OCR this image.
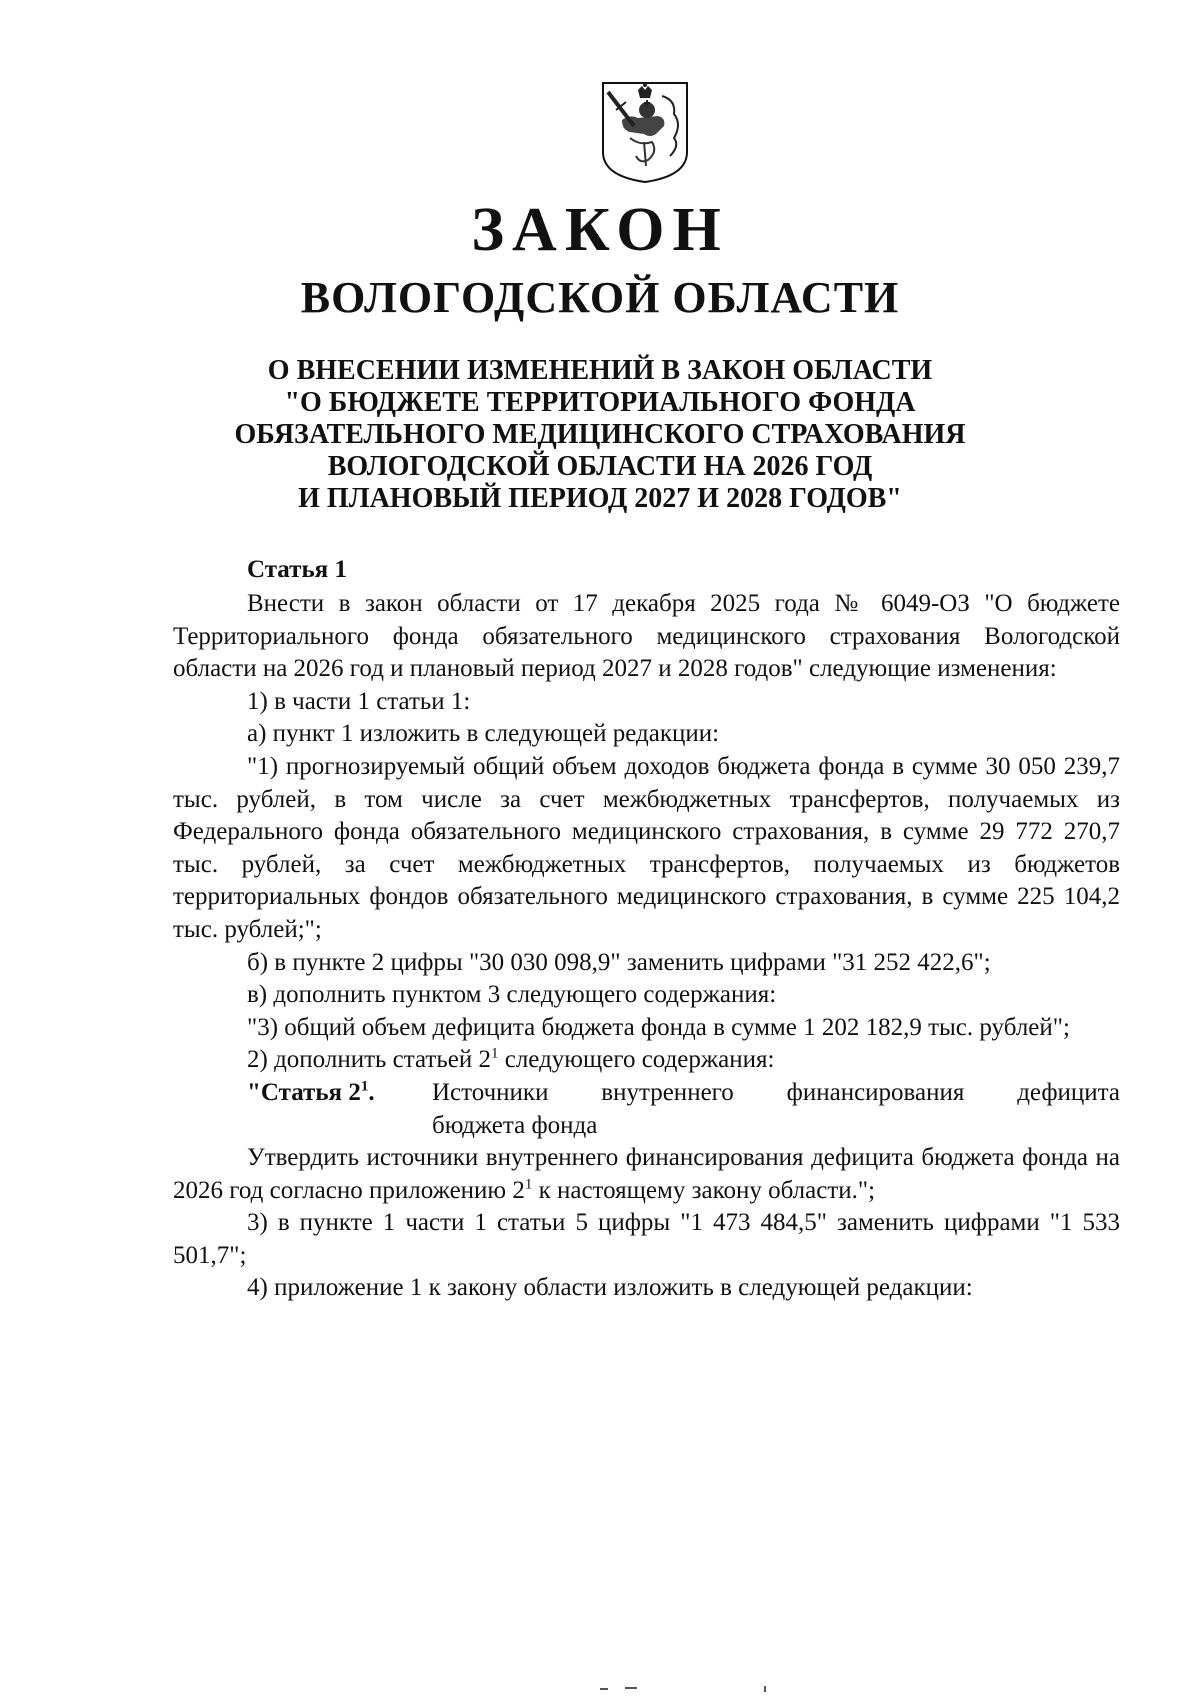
ЗАКОН
ВОЛОГОДСКОЙ ОБЛАСТИ
О ВНЕСЕНИИ ИЗМЕНЕНИЙ В ЗАКОН ОБЛАСТИ
"О БЮДЖЕТЕ ТЕРРИТОРИАЛЬНОГО ФОНДА
ОБЯЗАТЕЛЬНОГО МЕДИЦИНСКОГО СТРАХОВАНИЯ
ВОЛОГОДСКОЙ ОБЛАСТИ НА 2026 ГОД
И ПЛАНОВЫЙ ПЕРИОД 2027 И 2028 ГОДОВ"

Статья 1

Внести в закон области от 17 декабря 2025 года № 6049-ОЗ "О бюджете Территориального фонда обязательного медицинского страхования Вологодской области на 2026 год и плановый период 2027 и 2028 годов" следующие изменения:

1) в части 1 статьи 1:

а) пункт 1 изложить в следующей редакции:

"1) прогнозируемый общий объем доходов бюджета фонда в сумме 30 050 239,7 тыс. рублей, в том числе за счет межбюджетных трансфертов, получаемых из Федерального фонда обязательного медицинского страхования, в сумме 29 772 270,7 тыс. рублей, за счет межбюджетных трансфертов, получаемых из бюджетов территориальных фондов обязательного медицинского страхования, в сумме 225 104,2 тыс. рублей;";

б) в пункте 2 цифры "30 030 098,9" заменить цифрами "31 252 422,6";

в) дополнить пунктом 3 следующего содержания:

"3) общий объем дефицита бюджета фонда в сумме 1 202 182,9 тыс. рублей";

2) дополнить статьей $2^1$ следующего содержания:

"Статья $2^1$.	Источники внутреннего финансирования дефицита

бюджета фонда

Утвердить источники внутреннего финансирования дефицита бюджета фонда на 2026 год согласно приложению $2^1$ к настоящему закону области.";

3) в пункте 1 части 1 статьи 5 цифры "1 473 484,5" заменить цифрами "1 533 501,7";

4) приложение 1 к закону области изложить в следующей редакции:
